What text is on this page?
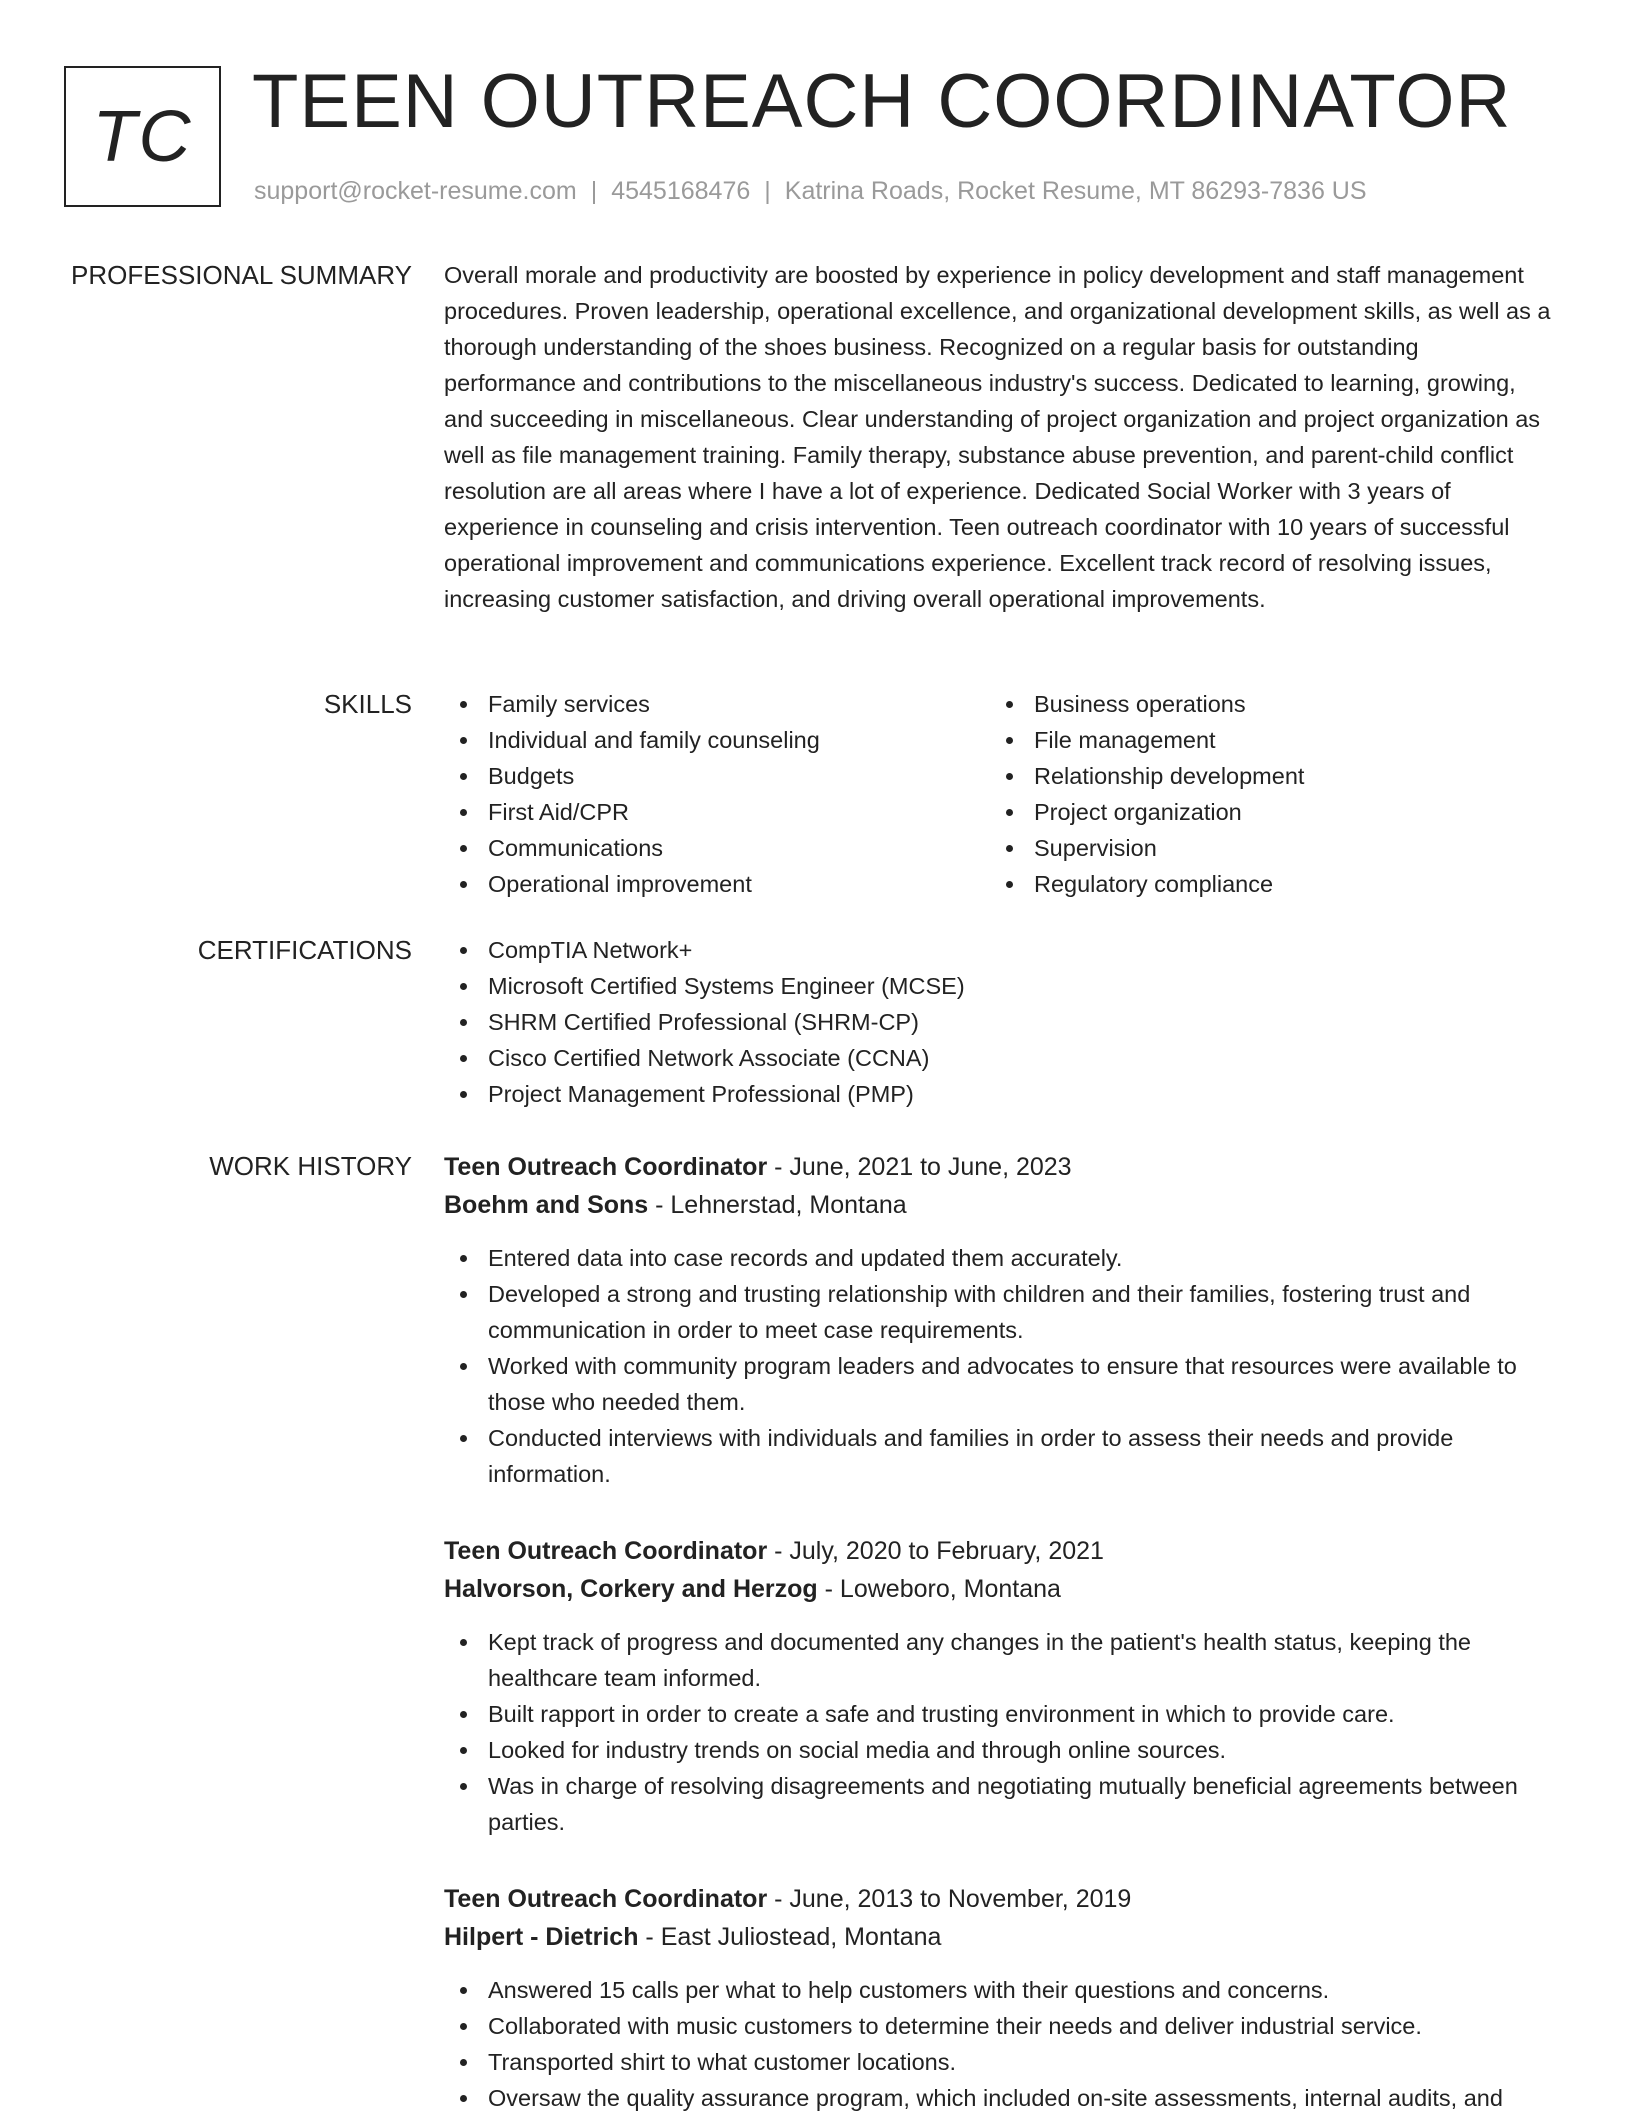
TC TEEN OUTREACH COORDINATOR
support@rocket-resume.com | 4545168476 | Katrina Roads, Rocket Resume, MT 86293-7836 US
PROFESSIONAL SUMMARY Overall morale and productivity are boosted by experience in policy development and staff management procedures. Proven leadership, operational excellence, and organizational development skills, as well as a thorough understanding of the shoes business. Recognized on a regular basis for outstanding performance and contributions to the miscellaneous industry's success. Dedicated to learning, growing, and succeeding in miscellaneous. Clear understanding of project organization and project organization as well as file management training. Family therapy, substance abuse prevention, and parent-child conflict resolution are all areas where I have a lot of experience. Dedicated Social Worker with 3 years of experience in counseling and crisis intervention. Teen outreach coordinator with 10 years of successful operational improvement and communications experience. Excellent track record of resolving issues, increasing customer satisfaction, and driving overall operational improvements.

SKILLS	Family services
Individual and family counseling
Budgets
First Aid/CPR
Communications
Operational improvement
Business operations
File management
Relationship development
Project organization
Supervision
Regulatory compliance
CERTIFICATIONS	CompTIA Network+
Microsoft Certified Systems Engineer (MCSE)
SHRM Certified Professional (SHRM-CP)
Cisco Certified Network Associate (CCNA)
Project Management Professional (PMP)
WORK HISTORY Teen Outreach Coordinator - June, 2021 to June, 2023
Boehm and Sons - Lehnerstad, Montana
Entered data into case records and updated them accurately.
Developed a strong and trusting relationship with children and their families, fostering trust and communication in order to meet case requirements.
Worked with community program leaders and advocates to ensure that resources were available to those who needed them.
Conducted interviews with individuals and families in order to assess their needs and provide information.
Teen Outreach Coordinator - July, 2020 to February, 2021
Halvorson, Corkery and Herzog - Loweboro, Montana
Kept track of progress and documented any changes in the patient's health status, keeping the healthcare team informed.
Built rapport in order to create a safe and trusting environment in which to provide care.
Looked for industry trends on social media and through online sources.
Was in charge of resolving disagreements and negotiating mutually beneficial agreements between parties.
Teen Outreach Coordinator - June, 2013 to November, 2019
Hilpert - Dietrich - East Juliostead, Montana
Answered 15 calls per what to help customers with their questions and concerns.
Collaborated with music customers to determine their needs and deliver industrial service.
Transported shirt to what customer locations.
Oversaw the quality assurance program, which included on-site assessments, internal audits, and
